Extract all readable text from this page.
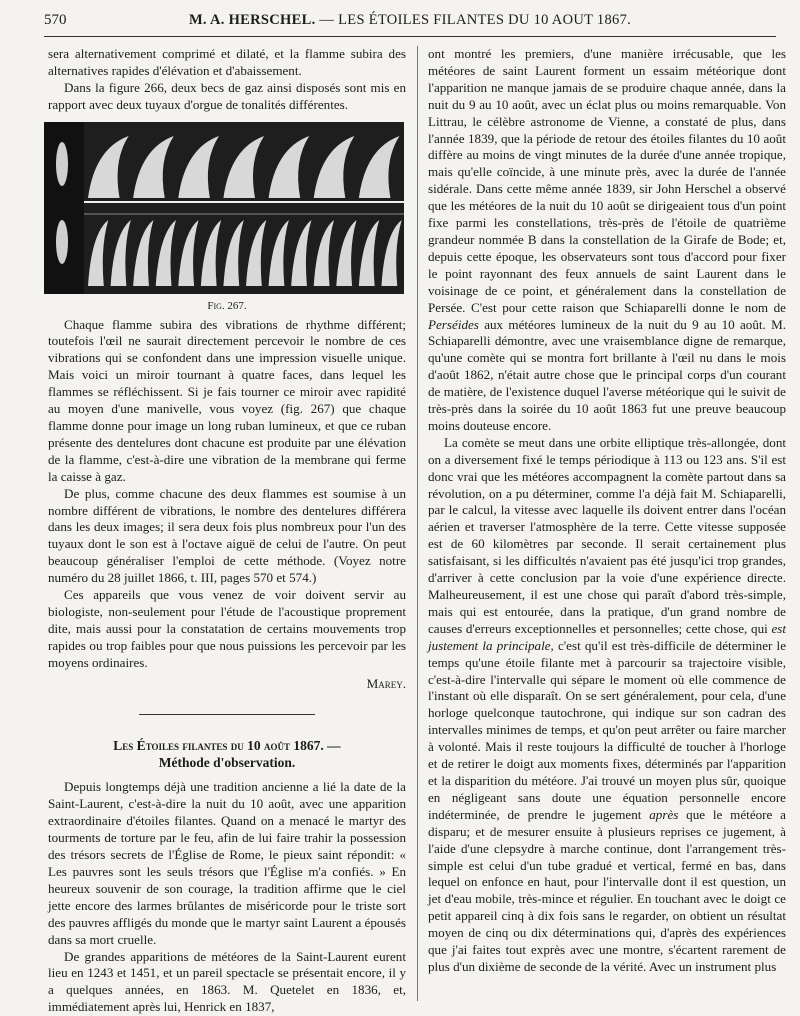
570	M. A. HERSCHEL. — LES ÉTOILES FILANTES DU 10 AOUT 1867.

sera alternativement comprimé et dilaté, et la flamme subira des alternatives rapides d'élévation et d'abaissement.

Dans la figure 266, deux becs de gaz ainsi disposés sont mis en rapport avec deux tuyaux d'orgue de tonalités différentes.

Fig. 267.

Chaque flamme subira des vibrations de rhythme différent; toutefois l'œil ne saurait directement percevoir le nombre de ces vibrations qui se confondent dans une impression visuelle unique. Mais voici un miroir tournant à quatre faces, dans lequel les flammes se réfléchissent. Si je fais tourner ce miroir avec rapidité au moyen d'une manivelle, vous voyez (fig. 267) que chaque flamme donne pour image un long ruban lumineux, et que ce ruban présente des dentelures dont chacune est produite par une élévation de la flamme, c'est-à-dire une vibration de la membrane qui ferme la caisse à gaz.

De plus, comme chacune des deux flammes est soumise à un nombre différent de vibrations, le nombre des dentelures différera dans les deux images; il sera deux fois plus nombreux pour l'un des tuyaux dont le son est à l'octave aiguë de celui de l'autre. On peut beaucoup généraliser l'emploi de cette méthode. (Voyez notre numéro du 28 juillet 1866, t. III, pages 570 et 574.)

Ces appareils que vous venez de voir doivent servir au biologiste, non-seulement pour l'étude de l'acoustique proprement dite, mais aussi pour la constatation de certains mouvements trop rapides ou trop faibles pour que nous puissions les percevoir par les moyens ordinaires.

Marey.
Les Étoiles filantes du 10 août 1867. —
Méthode d'observation.

Depuis longtemps déjà une tradition ancienne a lié la date de la Saint-Laurent, c'est-à-dire la nuit du 10 août, avec une apparition extraordinaire d'étoiles filantes. Quand on a menacé le martyr des tourments de torture par le feu, afin de lui faire trahir la possession des trésors secrets de l'Église de Rome, le pieux saint répondit: « Les pauvres sont les seuls trésors que l'Église m'a confiés. » En heureux souvenir de son courage, la tradition affirme que le ciel jette encore des larmes brûlantes de miséricorde pour le triste sort des pauvres affligés du monde que le martyr saint Laurent a épousés dans sa mort cruelle.

De grandes apparitions de météores de la Saint-Laurent eurent lieu en 1243 et 1451, et un pareil spectacle se présentait encore, il y a quelques années, en 1863. M. Quetelet en 1836, et, immédiatement après lui, Henrick en 1837,

ont montré les premiers, d'une manière irrécusable, que les météores de saint Laurent forment un essaim météorique dont l'apparition ne manque jamais de se produire chaque année, dans la nuit du 9 au 10 août, avec un éclat plus ou moins remarquable. Von Littrau, le célèbre astronome de Vienne, a constaté de plus, dans l'année 1839, que la période de retour des étoiles filantes du 10 août diffère au moins de vingt minutes de la durée d'une année tropique, mais qu'elle coïncide, à une minute près, avec la durée de l'année sidérale. Dans cette même année 1839, sir John Herschel a observé que les météores de la nuit du 10 août se dirigeaient tous d'un point fixe parmi les constellations, très-près de l'étoile de quatrième grandeur nommée B dans la constellation de la Girafe de Bode; et, depuis cette époque, les observateurs sont tous d'accord pour fixer le point rayonnant des feux annuels de saint Laurent dans le voisinage de ce point, et généralement dans la constellation de Persée. C'est pour cette raison que Schiaparelli donne le nom de Perséides aux météores lumineux de la nuit du 9 au 10 août. M. Schiaparelli démontre, avec une vraisemblance digne de remarque, qu'une comète qui se montra fort brillante à l'œil nu dans le mois d'août 1862, n'était autre chose que le principal corps d'un courant de matière, de l'existence duquel l'averse météorique qui le suivit de très-près dans la soirée du 10 août 1863 fut une preuve beaucoup moins douteuse encore.

La comète se meut dans une orbite elliptique très-allongée, dont on a diversement fixé le temps périodique à 113 ou 123 ans. S'il est donc vrai que les météores accompagnent la comète partout dans sa révolution, on a pu déterminer, comme l'a déjà fait M. Schiaparelli, par le calcul, la vitesse avec laquelle ils doivent entrer dans l'océan aérien et traverser l'atmosphère de la terre. Cette vitesse supposée est de 60 kilomètres par seconde. Il serait certainement plus satisfaisant, si les difficultés n'avaient pas été jusqu'ici trop grandes, d'arriver à cette conclusion par la voie d'une expérience directe. Malheureusement, il est une chose qui paraît d'abord très-simple, mais qui est entourée, dans la pratique, d'un grand nombre de causes d'erreurs exceptionnelles et personnelles; cette chose, qui est justement la principale, c'est qu'il est très-difficile de déterminer le temps qu'une étoile filante met à parcourir sa trajectoire visible, c'est-à-dire l'intervalle qui sépare le moment où elle commence de l'instant où elle disparaît. On se sert généralement, pour cela, d'une horloge quelconque tautochrone, qui indique sur son cadran des intervalles minimes de temps, et qu'on peut arrêter ou faire marcher à volonté. Mais il reste toujours la difficulté de toucher à l'horloge et de retirer le doigt aux moments fixes, déterminés par l'apparition et la disparition du météore. J'ai trouvé un moyen plus sûr, quoique en négligeant sans doute une équation personnelle encore indéterminée, de prendre le jugement après que le météore a disparu; et de mesurer ensuite à plusieurs reprises ce jugement, à l'aide d'une clepsydre à marche continue, dont l'arrangement très-simple est celui d'un tube gradué et vertical, fermé en bas, dans lequel on enfonce en haut, pour l'intervalle dont il est question, un jet d'eau mobile, très-mince et régulier. En touchant avec le doigt ce petit appareil cinq à dix fois sans le regarder, on obtient un résultat moyen de cinq ou dix déterminations qui, d'après des expériences que j'ai faites tout exprès avec une montre, s'écartent rarement de plus d'un dixième de seconde de la vérité. Avec un instrument plus
